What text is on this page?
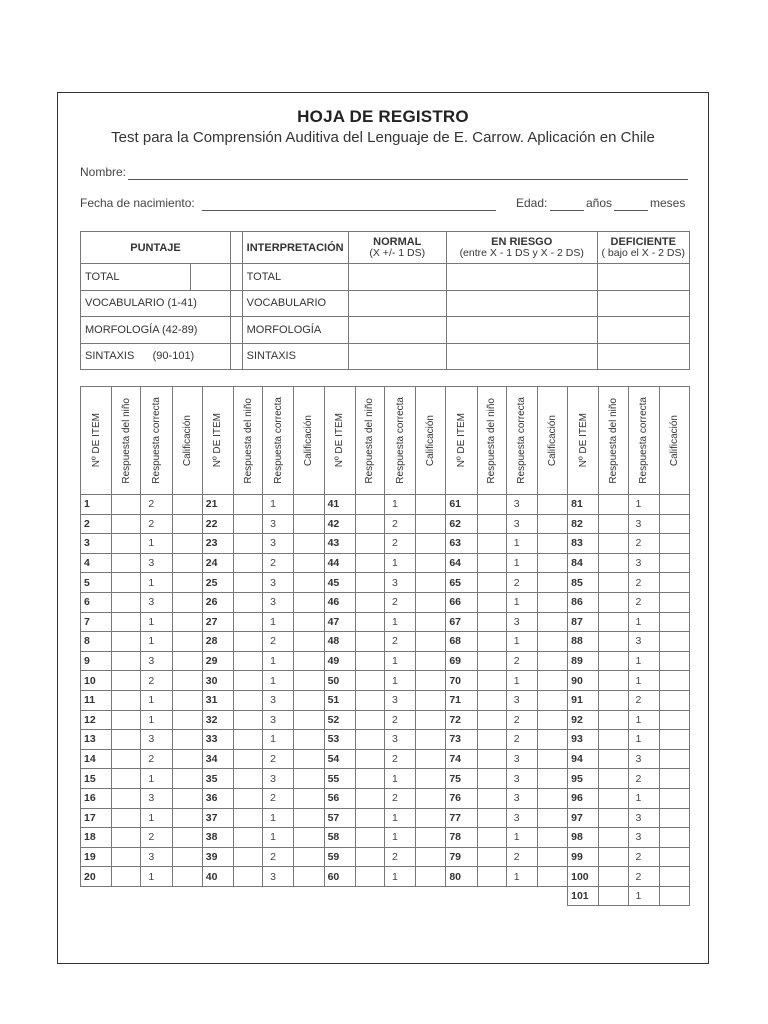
HOJA DE REGISTRO
Test para la Comprensión Auditiva del Lenguaje de E. Carrow. Aplicación en Chile
Nombre:
Fecha de nacimiento:	Edad:	años	meses
PUNTAJE			INTERPRETACIÓN	NORMAL
(X +/- 1 DS)	EN RIESGO
(entre X - 1 DS y X - 2 DS)	DEFICIENTE
( bajo el X - 2 DS)

TOTAL			TOTAL			
VOCABULARIO (1-41)			VOCABULARIO			
MORFOLOGÍA (42-89)			MORFOLOGÍA			
SINTAXIS      (90-101)			SINTAXIS			
Nº DE ITEM	Respuesta del niño	Respuesta correcta	Calificación	Nº DE ITEM	Respuesta del niño	Respuesta correcta	Calificación	Nº DE ITEM	Respuesta del niño	Respuesta correcta	Calificación	Nº DE ITEM	Respuesta del niño	Respuesta correcta	Calificación	Nº DE ITEM	Respuesta del niño	Respuesta correcta	Calificación

1		2		21		1		41		1		61		3		81		1	
2		2		22		3		42		2		62		3		82		3	
3		1		23		3		43		2		63		1		83		2	
4		3		24		2		44		1		64		1		84		3	
5		1		25		3		45		3		65		2		85		2	
6		3		26		3		46		2		66		1		86		2	
7		1		27		1		47		1		67		3		87		1	
8		1		28		2		48		2		68		1		88		3	
9		3		29		1		49		1		69		2		89		1	
10		2		30		1		50		1		70		1		90		1	
11		1		31		3		51		3		71		3		91		2	
12		1		32		3		52		2		72		2		92		1	
13		3		33		1		53		3		73		2		93		1	
14		2		34		2		54		2		74		3		94		3	
15		1		35		3		55		1		75		3		95		2	
16		3		36		2		56		2		76		3		96		1	
17		1		37		1		57		1		77		3		97		3	
18		2		38		1		58		1		78		1		98		3	
19		3		39		2		59		2		79		2		99		2	
20		1		40		3		60		1		80		1		100		2	
																101		1	
